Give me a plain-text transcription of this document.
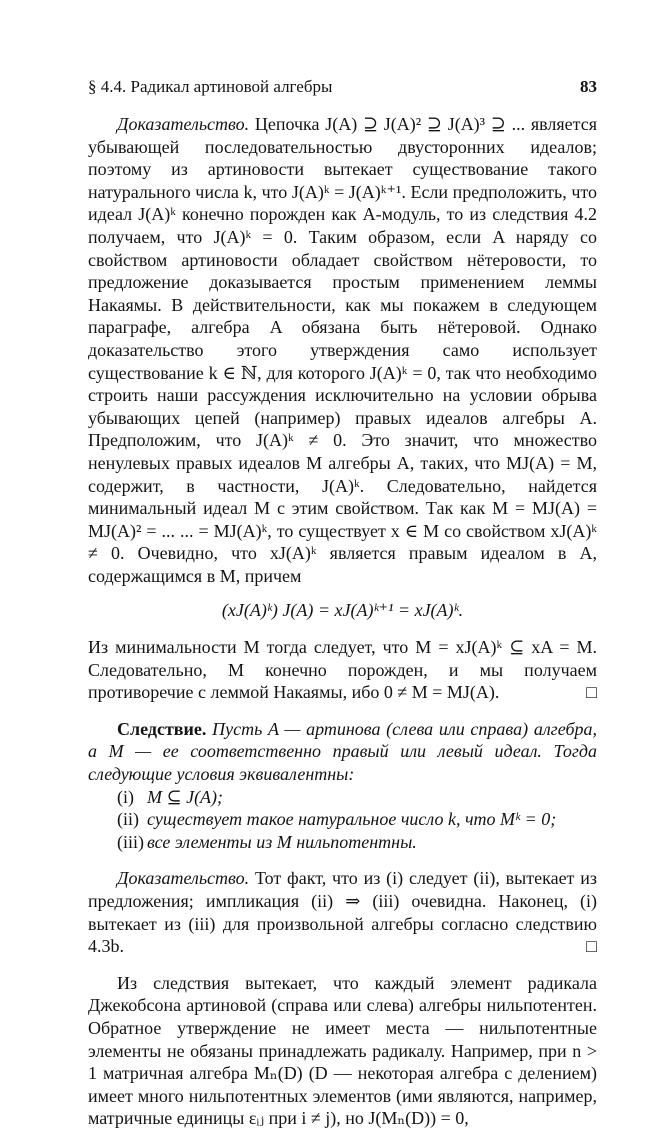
§ 4.4. Радикал артиновой алгебры	83

Доказательство. Цепочка J(A) ⊇ J(A)² ⊇ J(A)³ ⊇ ... является убывающей последовательностью двусторонних идеалов; поэтому из артиновости вытекает существование такого натурального числа k, что J(A)ᵏ = J(A)ᵏ⁺¹. Если предположить, что идеал J(A)ᵏ конечно порожден как A-модуль, то из следствия 4.2 получаем, что J(A)ᵏ = 0. Таким образом, если A наряду со свойством артиновости обладает свойством нётеровости, то предложение доказывается простым применением леммы Накаямы. В действительности, как мы покажем в следующем параграфе, алгебра A обязана быть нётеровой. Однако доказательство этого утверждения само использует существование k ∈ ℕ, для которого J(A)ᵏ = 0, так что необходимо строить наши рассуждения исключительно на условии обрыва убывающих цепей (например) правых идеалов алгебры A. Предположим, что J(A)ᵏ ≠ 0. Это значит, что множество ненулевых правых идеалов M алгебры A, таких, что MJ(A) = M, содержит, в частности, J(A)ᵏ. Следовательно, найдется минимальный идеал M с этим свойством. Так как M = MJ(A) = MJ(A)² = ... ... = MJ(A)ᵏ, то существует x ∈ M со свойством xJ(A)ᵏ ≠ 0. Очевидно, что xJ(A)ᵏ является правым идеалом в A, содержащимся в M, причем

(xJ(A)ᵏ) J(A) = xJ(A)ᵏ⁺¹ = xJ(A)ᵏ.

Из минимальности M тогда следует, что M = xJ(A)ᵏ ⊆ xA = M. Следовательно, M конечно порожден, и мы получаем противоречие с леммой Накаямы, ибо 0 ≠ M = MJ(A).	□

Следствие. Пусть A — артинова (слева или справа) алгебра, а M — ее соответственно правый или левый идеал. Тогда следующие условия эквивалентны:

(i) M ⊆ J(A);
(ii) существует такое натуральное число k, что Mᵏ = 0;
(iii) все элементы из M нильпотентны.

Доказательство. Тот факт, что из (i) следует (ii), вытекает из предложения; импликация (ii) ⇒ (iii) очевидна. Наконец, (i) вытекает из (iii) для произвольной алгебры согласно следствию 4.3b.	□

Из следствия вытекает, что каждый элемент радикала Джекобсона артиновой (справа или слева) алгебры нильпотентен. Обратное утверждение не имеет места — нильпотентные элементы не обязаны принадлежать радикалу. Например, при n > 1 матричная алгебра Mₙ(D) (D — некоторая алгебра с делением) имеет много нильпотентных элементов (ими являются, например, матричные единицы εᵢⱼ при i ≠ j), но J(Mₙ(D)) = 0,
